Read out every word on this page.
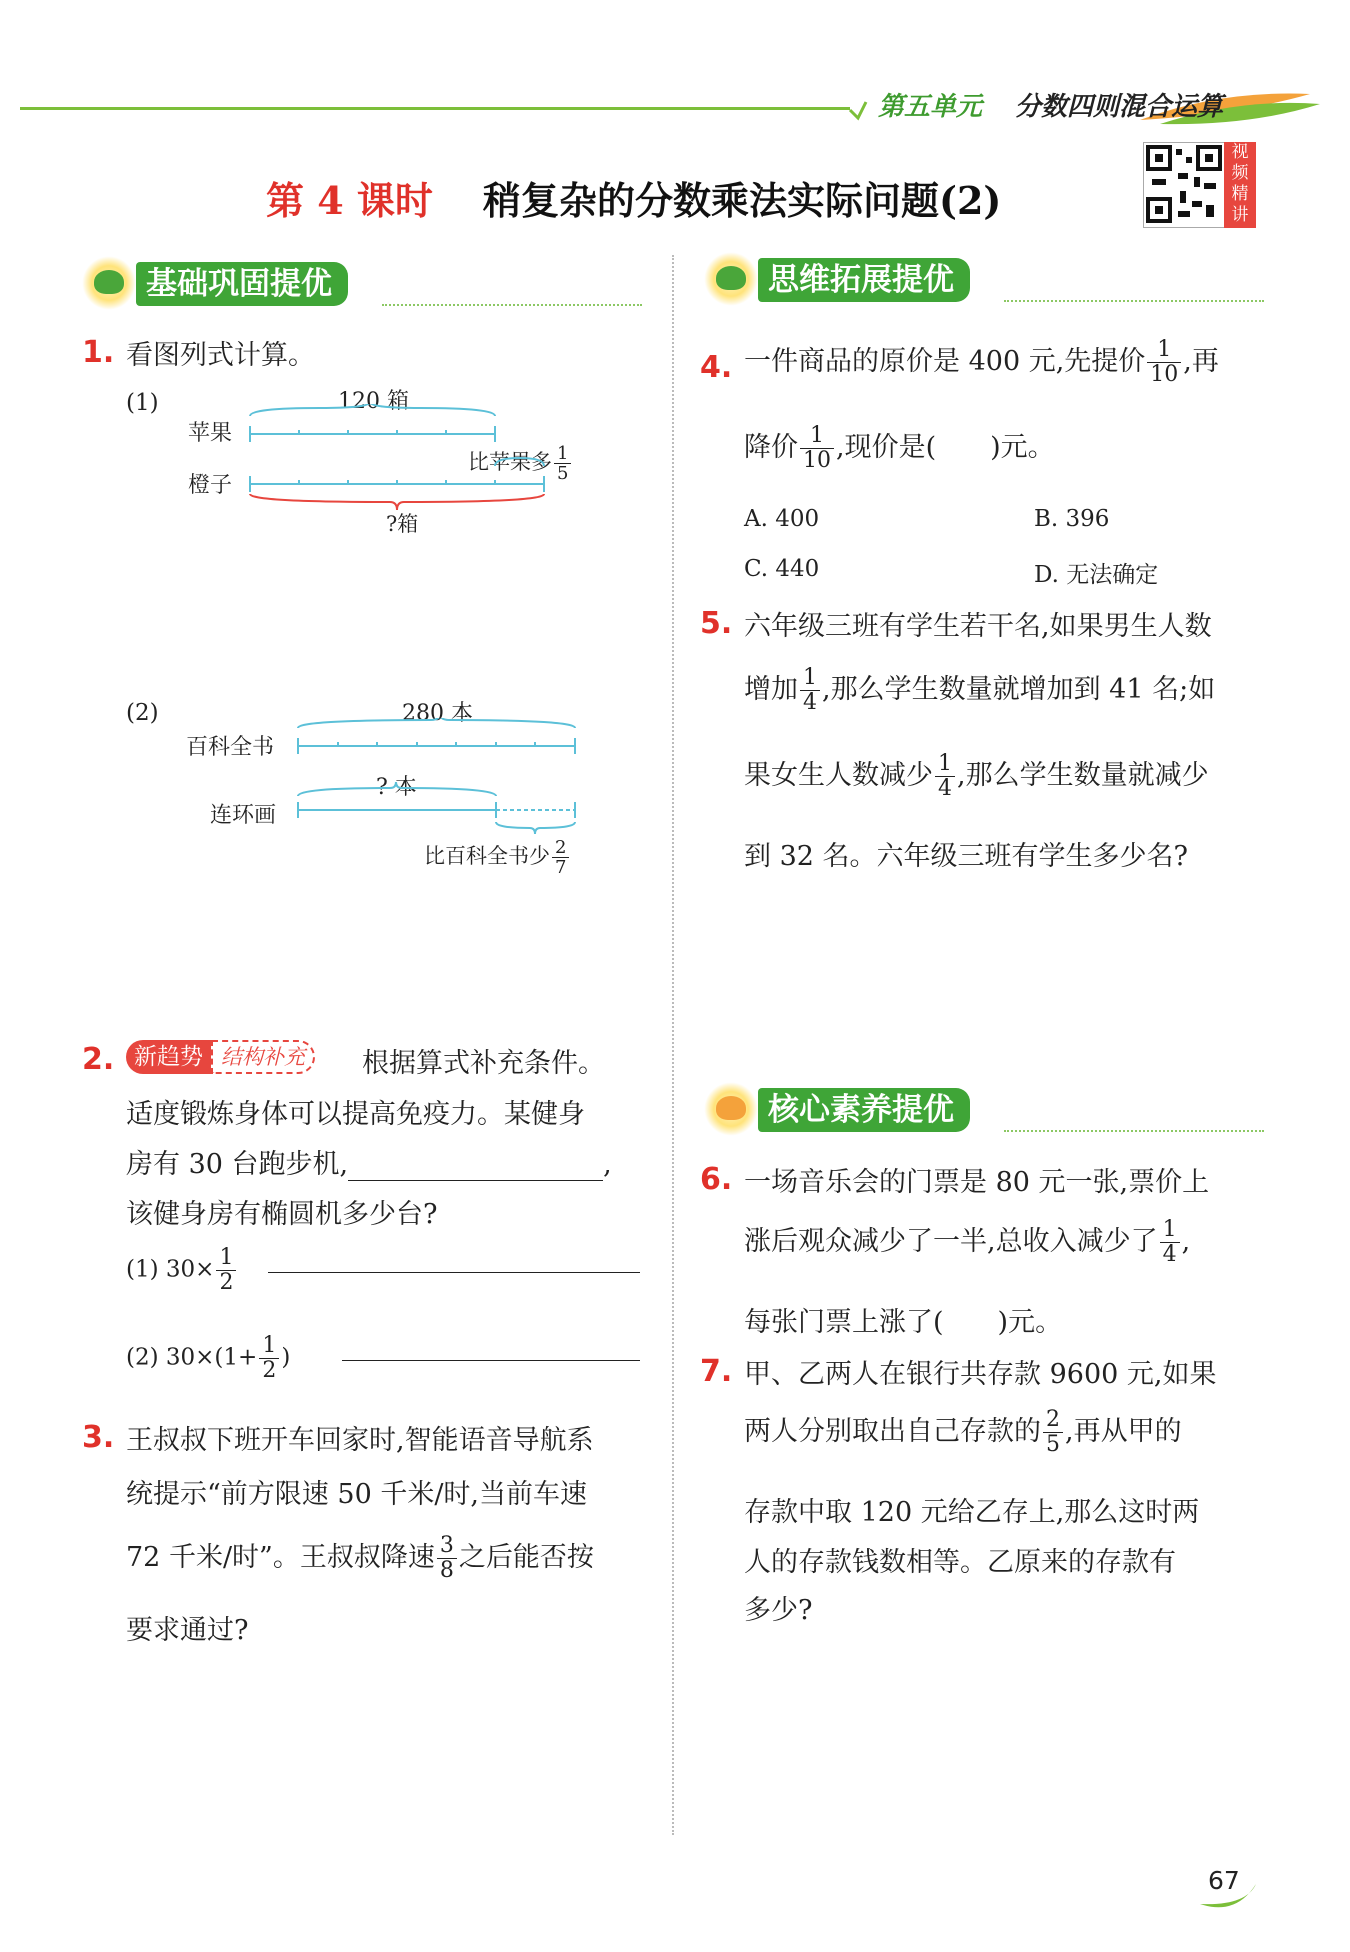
第五单元 分数四则混合运算
第 4 课时 稍复杂的分数乘法实际问题(2)
视
频
精
讲
基础巩固提优
1. 看图列式计算。
(1)	120 箱
苹果
橙子
比苹果多 $\frac{1}{5}$
?箱
(2)	280 本
百科全书
? 本
连环画
比百科全书少 $\frac{2}{7}$
2. 新趋势 结构补充	根据算式补充条件。
适度锻炼身体可以提高免疫力。某健身
房有 30 台跑步机,	,
该健身房有椭圆机多少台?
(1) $30\times \frac{1}{2}$
(2) $30\times(1+ \frac{1}{2}$ )
3. 王叔叔下班开车回家时,智能语音导航系
统提示“前方限速 50 千米/时,当前车速
72 千米/时”。王叔叔降速 $\frac{3}{8}$ 之后能否按
要求通过?
思维拓展提优
4. 一件商品的原价是 400 元,先提价 $\frac{1}{10}$ ,再
降价 $\frac{1}{10}$ ,现价是(　　)元。
A. 400	B. 396
C. 440	D. 无法确定
5. 六年级三班有学生若干名,如果男生人数
增加 $\frac{1}{4}$ ,那么学生数量就增加到 41 名;如
果女生人数减少 $\frac{1}{4}$ ,那么学生数量就减少
到 32 名。六年级三班有学生多少名?
核心素养提优
6. 一场音乐会的门票是 80 元一张,票价上
涨后观众减少了一半,总收入减少了 $\frac{1}{4}$ ,
每张门票上涨了(　　)元。
7. 甲、乙两人在银行共存款 9600 元,如果
两人分别取出自己存款的 $\frac{2}{5}$ ,再从甲的
存款中取 120 元给乙存上,那么这时两
人的存款钱数相等。乙原来的存款有
多少?
67
